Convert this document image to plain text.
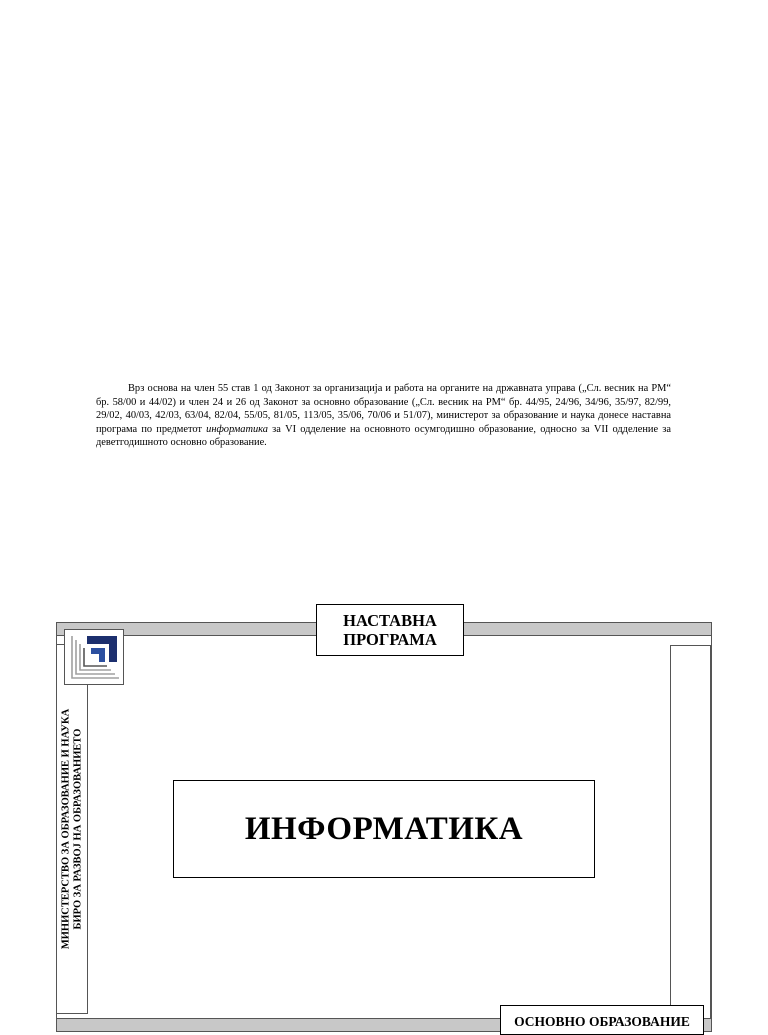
Врз основа на член 55 став 1 од Законот за организација и работа на органите на државната управа („Сл. весник на РМ“ бр. 58/00 и 44/02) и член 24 и 26 од Законот за основно образование („Сл. весник на РМ“ бр. 44/95, 24/96, 34/96, 35/97, 82/99, 29/02, 40/03, 42/03, 63/04, 82/04, 55/05, 81/05, 113/05, 35/06, 70/06 и 51/07), министерот за образование и наука донесе наставна програма по предметот информатика за VI одделение на основното осумгодишно образование, односно за VII одделение за деветгодишното основно образование.

МИНИСТЕРСТВО ЗА ОБРАЗОВАНИЕ И НАУКА БИРО ЗА РАЗВОЈ НА ОБРАЗОВАНИЕТО
НАСТАВНА
ПРОГРАМА
ИНФОРМАТИКА
ОСНОВНО ОБРАЗОВАНИЕ
